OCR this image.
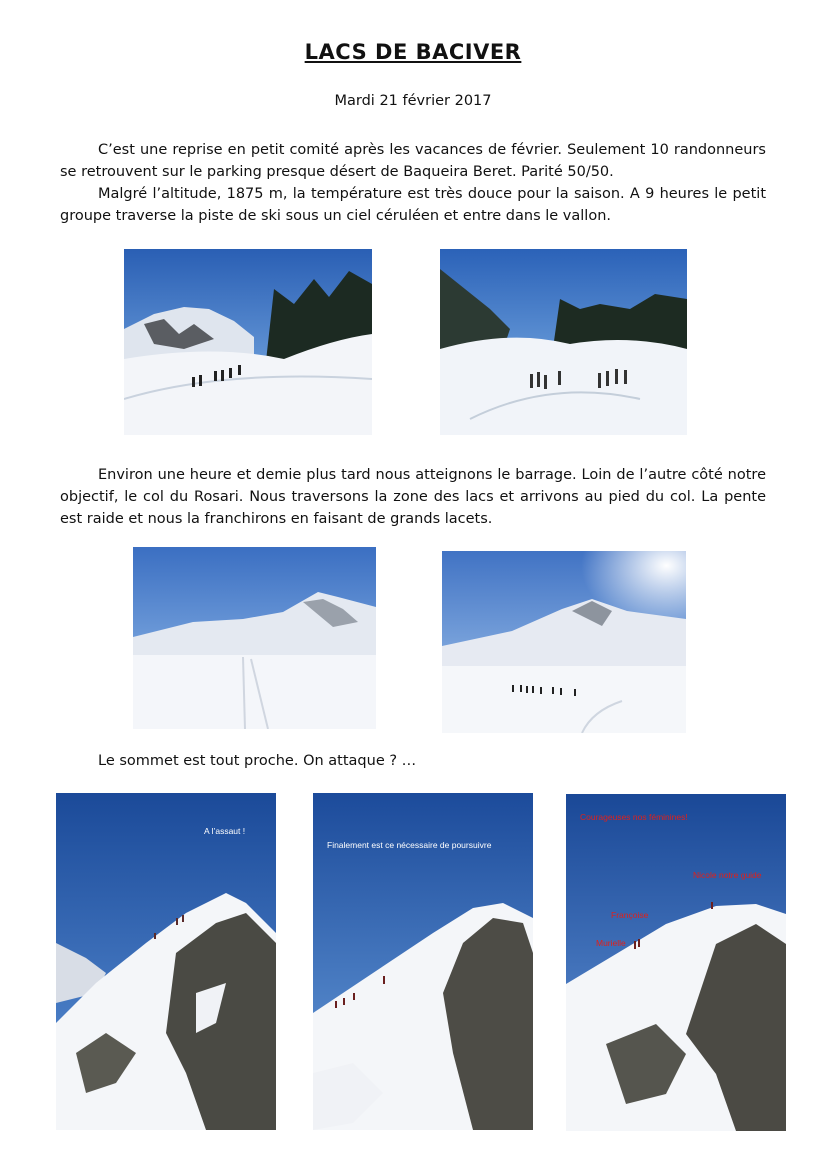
LACS DE BACIVER
Mardi 21 février 2017

C’est une reprise en petit comité après les vacances de février. Seulement 10 randonneurs se retrouvent sur le parking presque désert de Baqueira Beret. Parité 50/50.

Malgré l’altitude, 1875 m, la température est très douce pour la saison. A 9 heures le petit groupe traverse la piste de ski sous un ciel céruléen et entre dans le vallon.

Environ une heure et demie plus tard nous atteignons le barrage. Loin de l’autre côté notre objectif, le col du Rosari. Nous traversons la zone des lacs et arrivons au pied du col. La pente est raide et nous la franchirons en faisant de grands lacets.

Le sommet est tout proche. On attaque ? …

A l’assaut !
Finalement est ce nécessaire de poursuivre
Courageuses nos féminines!
Nicole notre guide
Françoise
Murielle
